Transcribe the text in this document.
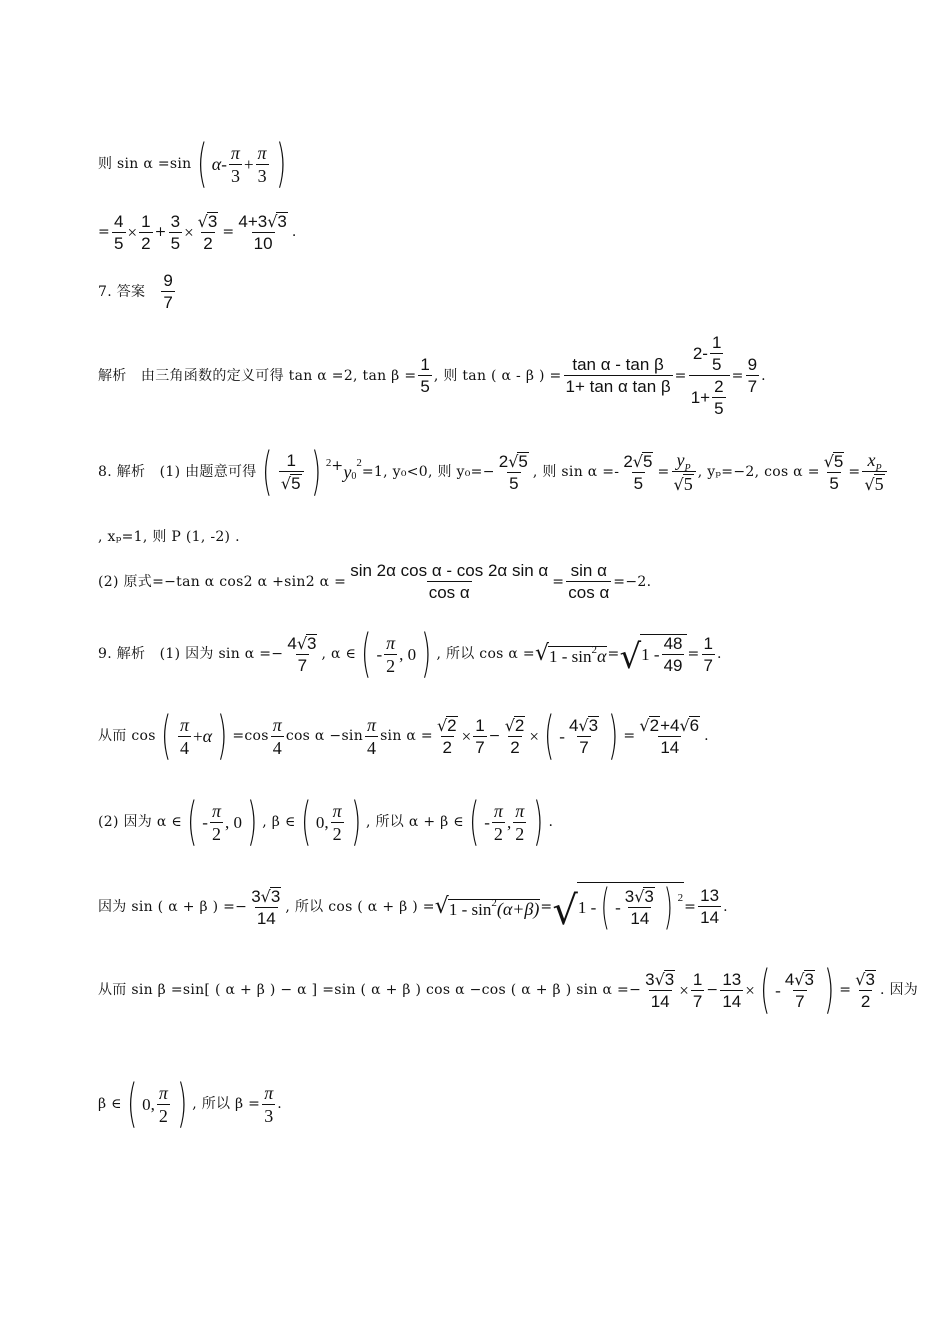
则 sin α =sin ( $\alpha - \frac{\pi}{3} + \frac{\pi}{3}$ )
= $\frac{4}{5} \times \frac{1}{2} + \frac{3}{5} \times \frac{√ 3}{2} = \frac{4+3 √ 3}{10}$ .
7. 答案 $\frac{9}{7}$
解析　由三角函数的定义可得 tan α =2, $\tan \beta = \frac{1}{5}$ , 则 tan ( α - β ) = $\frac{\text{tan α - tan β}}{\text{1+ tan α tan β}} = \frac{2- \frac{1}{5}}{1+ \frac{2}{5}} = \frac{9}{7}$ .
8. 解析　(1) 由题意可得 ( $\frac{1}{√ 5}$ ) 2 + y 0
2
=1, y₀<0, 则 $y_0=- \frac{2 √ 5}{5}$ , 则 $\sin \alpha =- \frac{2 √ 5}{5} = \frac{y_P}{√ 5}$ , yₚ=−2, $\cos \alpha = \frac{√ 5}{5} = \frac{x_P}{√ 5}$
, xₚ=1, 则 P (1, -2) .
(2) 原式=−tan α cos2 α +sin2 $\alpha = \frac{\text{sin 2α cos α - cos 2α sin α}}{\text{cos α}} = \frac{\text{sin α}}{\text{cos α}} =-2$.
9. 解析　(1) 因为 $\sin \alpha =- \frac{4 √ 3}{7}$ , α ∈ ( - $\frac{\pi}{2}$ , 0 ) , 所以 cos α = √ $1 - \sin^2\alpha$ = √ $1 - \frac{48}{49} = \frac{1}{7}$ .
从而 cos ( $\frac{\pi}{4} + \alpha$ ) $=\cos \frac{\pi}{4}$ $\cos \alpha -\sin \frac{\pi}{4}$ $\sin \alpha = \frac{√ 2}{2} \times \frac{1}{7} - \frac{√ 2}{2}$ × ( - $\frac{4 √ 3}{7}$ ) = $\frac{√ 2 +4 √ 6}{14}$ .
(2) 因为 α ∈ ( - $\frac{\pi}{2}$ , 0 ) , β ∈ ( 0, $\frac{\pi}{2}$ ) , 所以 α + β ∈ ( - $\frac{\pi}{2}$ , $\frac{\pi}{2}$ ) .
因为 sin ( α + β ) =− $\frac{3 √ 3}{14}$ , 所以 cos ( α + β ) = √ $1 - \sin^2(\alpha+\beta)$ = √ 1 - ( - $\frac{3 √ 3}{14}$ ) 2
= $\frac{13}{14}$ .
从而 sin β =sin[ ( α + β ) − α ] =sin ( α + β ) cos α −cos ( α + β ) $\sin \alpha =- \frac{3 √ 3}{14} \times \frac{1}{7} - \frac{13}{14}$ × ( - $\frac{4 √ 3}{7}$ ) = $\frac{√ 3}{2}$ . 因为
β ∈ ( 0, $\frac{\pi}{2}$ ) , 所以 $\beta = \frac{\pi}{3}$ .
